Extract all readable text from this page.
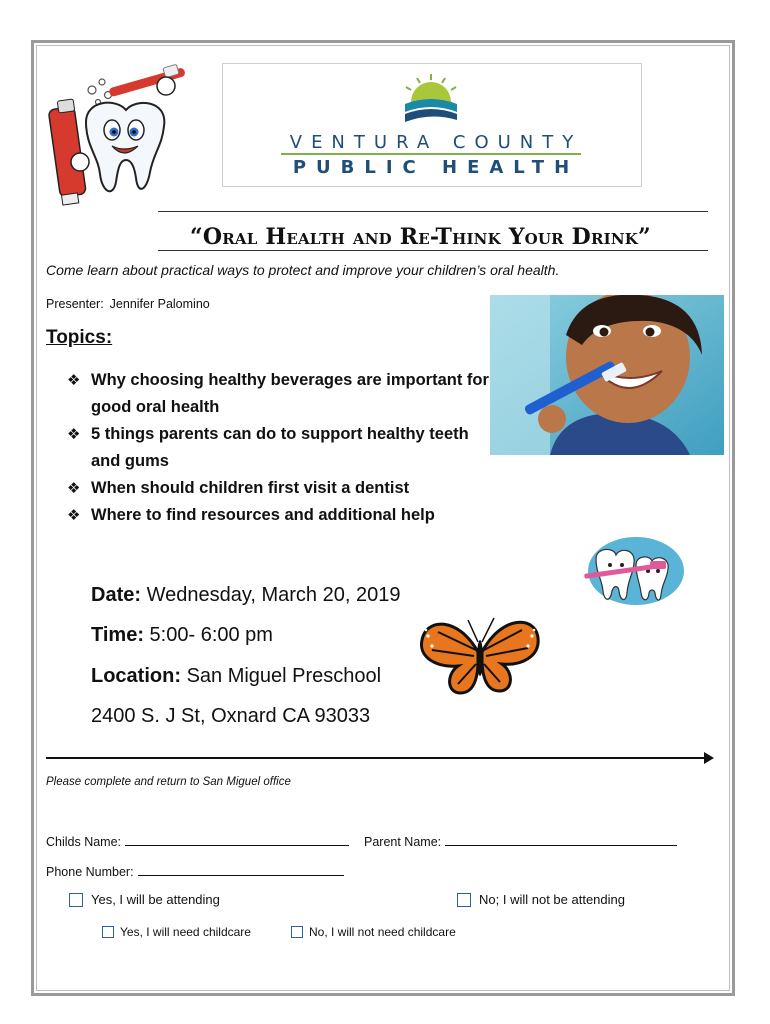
VENTURA COUNTY
PUBLIC HEALTH
“Oral Health and Re-Think Your Drink”
Come learn about practical ways to protect and improve your children’s oral health.
Presenter: Jennifer Palomino
Topics:
❖ Why choosing healthy beverages are important for good oral health
❖ 5 things parents can do to support healthy teeth and gums
❖ When should children first visit a dentist
❖ Where to find resources and additional help
Date: Wednesday, March 20, 2019
Time: 5:00- 6:00 pm
Location: San Miguel Preschool
2400 S. J St, Oxnard CA 93033
Please complete and return to San Miguel office
Childs Name:	Parent Name:
Phone Number:
Yes, I will be attending	No; I will not be attending
Yes, I will need childcare	No, I will not need childcare
